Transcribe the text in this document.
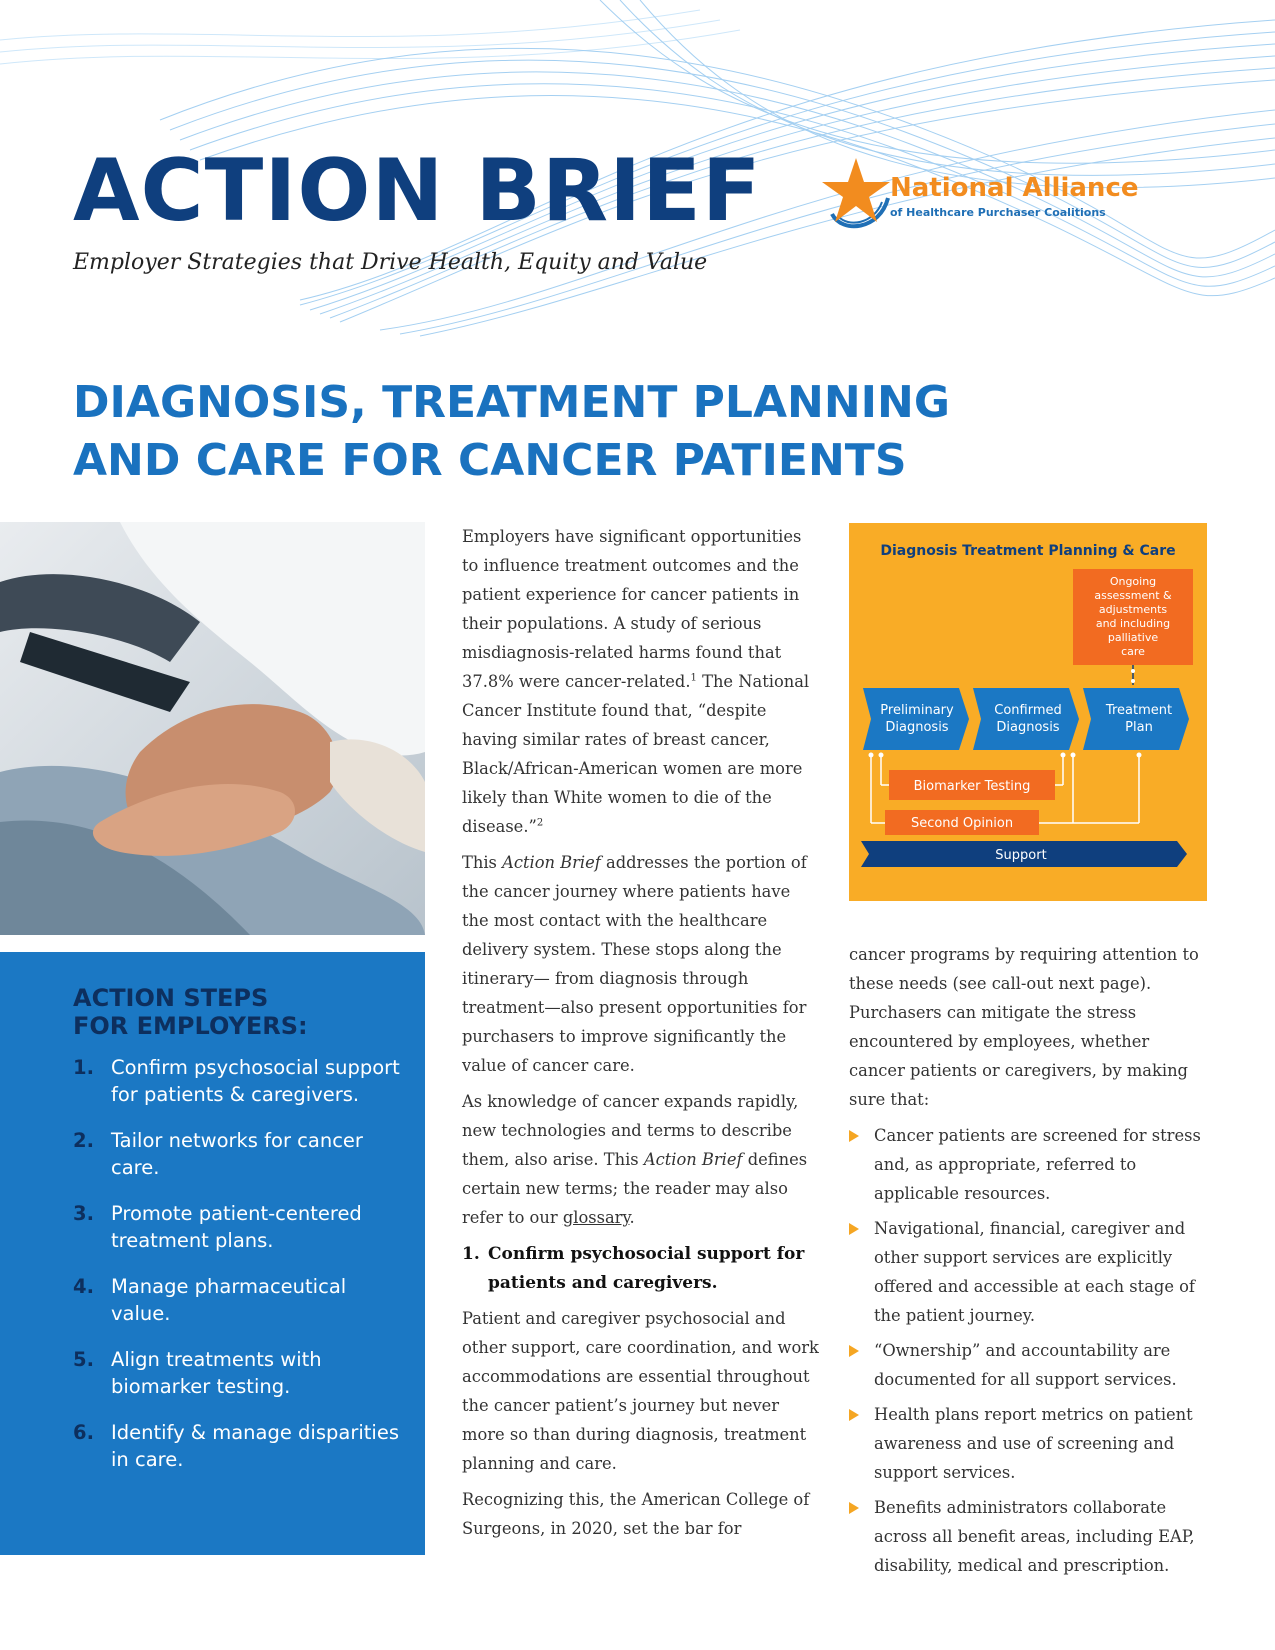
ACTION BRIEF
Employer Strategies that Drive Health, Equity and Value
National Alliance
of Healthcare Purchaser Coalitions
DIAGNOSIS, TREATMENT PLANNING
AND CARE FOR CANCER PATIENTS
ACTION STEPS
FOR EMPLOYERS:
1. Confirm psychosocial support for patients & caregivers.
2. Tailor networks for cancer care.
3. Promote patient-centered treatment plans.
4. Manage pharmaceutical value.
5. Align treatments with biomarker testing.
6. Identify & manage disparities in care.

Employers have significant opportunities to influence treatment outcomes and the patient experience for cancer patients in their populations. A study of serious misdiagnosis-related harms found that 37.8% were cancer-related.$^1$ The National Cancer Institute found that, “despite having similar rates of breast cancer, Black/African-American women are more likely than White women to die of the disease.”$^2$

This Action Brief addresses the portion of the cancer journey where patients have the most contact with the healthcare delivery system. These stops along the itinerary— from diagnosis through treatment—also present opportunities for purchasers to improve significantly the value of cancer care.

As knowledge of cancer expands rapidly, new technologies and terms to describe them, also arise. This Action Brief defines certain new terms; the reader may also refer to our glossary.

1. Confirm psychosocial support for patients and caregivers.

Patient and caregiver psychosocial and other support, care coordination, and work accommodations are essential throughout the cancer patient’s journey but never more so than during diagnosis, treatment planning and care.

Recognizing this, the American College of Surgeons, in 2020, set the bar for

Diagnosis Treatment Planning & Care
Ongoing
assessment &
adjustments
and including
palliative
care
Preliminary
Diagnosis
Confirmed
Diagnosis
Treatment
Plan
Biomarker Testing
Second Opinion
Support

cancer programs by requiring attention to these needs (see call-out next page). Purchasers can mitigate the stress encountered by employees, whether cancer patients or caregivers, by making sure that:

Cancer patients are screened for stress and, as appropriate, referred to applicable resources.
Navigational, financial, caregiver and other support services are explicitly offered and accessible at each stage of the patient journey.
“Ownership” and accountability are documented for all support services.
Health plans report metrics on patient awareness and use of screening and support services.
Benefits administrators collaborate across all benefit areas, including EAP, disability, medical and prescription.
